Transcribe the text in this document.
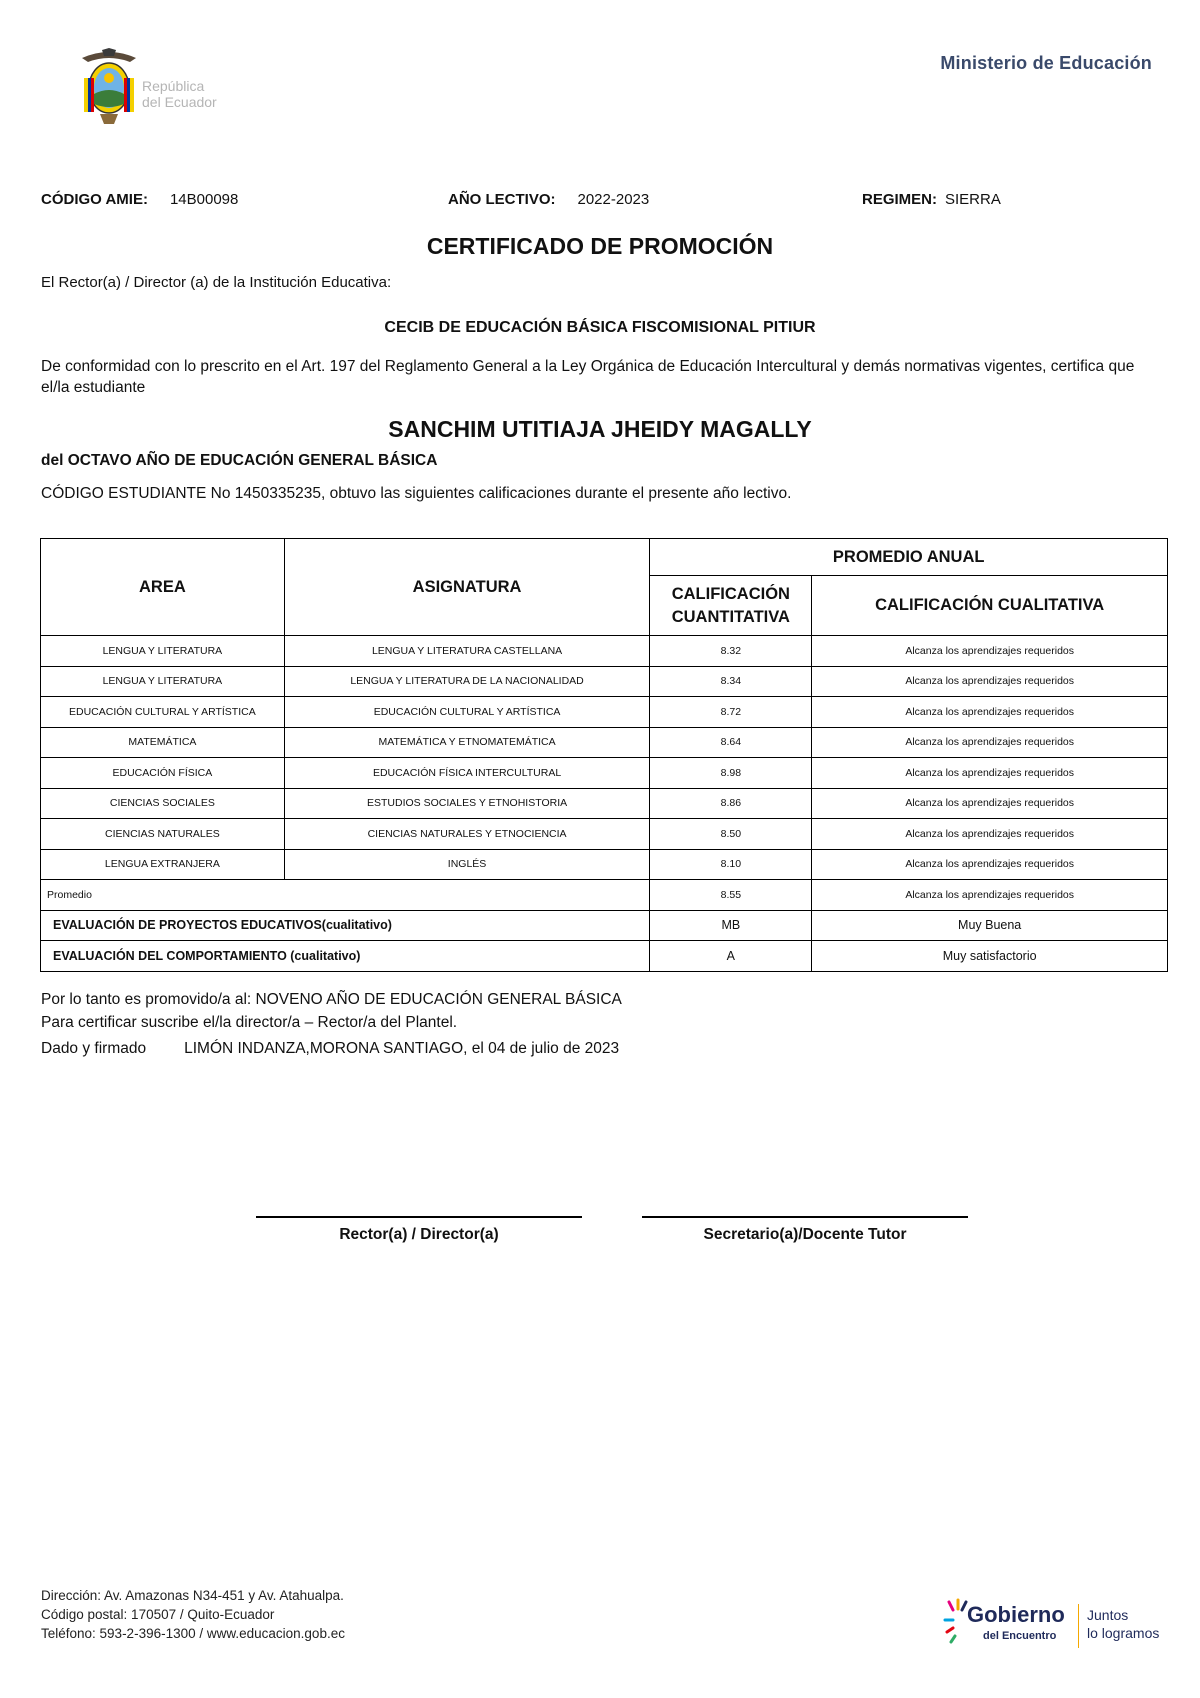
República
del Ecuador
Ministerio de Educación
CÓDIGO AMIE: 14B00098	AÑO LECTIVO: 2022-2023	REGIMEN: SIERRA
CERTIFICADO DE PROMOCIÓN
El Rector(a) / Director (a) de la Institución Educativa:
CECIB DE EDUCACIÓN BÁSICA FISCOMISIONAL PITIUR
De conformidad con lo prescrito en el Art. 197 del Reglamento General a la Ley Orgánica de Educación Intercultural y demás normativas vigentes, certifica que el/la estudiante
SANCHIM UTITIAJA JHEIDY MAGALLY
del OCTAVO AÑO DE EDUCACIÓN GENERAL BÁSICA
CÓDIGO ESTUDIANTE No 1450335235, obtuvo las siguientes calificaciones durante el presente año lectivo.
AREA	ASIGNATURA	PROMEDIO ANUAL	

		CALIFICACIÓN
CUANTITATIVA	CALIFICACIÓN CUALITATIVA
LENGUA Y LITERATURA	LENGUA Y LITERATURA CASTELLANA	8.32	Alcanza los aprendizajes requeridos
LENGUA Y LITERATURA	LENGUA Y LITERATURA DE LA NACIONALIDAD	8.34	Alcanza los aprendizajes requeridos
EDUCACIÓN CULTURAL Y ARTÍSTICA	EDUCACIÓN CULTURAL Y ARTÍSTICA	8.72	Alcanza los aprendizajes requeridos
MATEMÁTICA	MATEMÁTICA Y ETNOMATEMÁTICA	8.64	Alcanza los aprendizajes requeridos
EDUCACIÓN FÍSICA	EDUCACIÓN FÍSICA INTERCULTURAL	8.98	Alcanza los aprendizajes requeridos
CIENCIAS SOCIALES	ESTUDIOS SOCIALES Y ETNOHISTORIA	8.86	Alcanza los aprendizajes requeridos
CIENCIAS NATURALES	CIENCIAS NATURALES Y ETNOCIENCIA	8.50	Alcanza los aprendizajes requeridos
LENGUA EXTRANJERA	INGLÉS	8.10	Alcanza los aprendizajes requeridos
Promedio		8.55	Alcanza los aprendizajes requeridos
EVALUACIÓN DE PROYECTOS EDUCATIVOS(cualitativo)		MB	Muy Buena
EVALUACIÓN DEL COMPORTAMIENTO (cualitativo)		A	Muy satisfactorio
Por lo tanto es promovido/a al: NOVENO AÑO DE EDUCACIÓN GENERAL BÁSICA
Para certificar suscribe el/la director/a – Rector/a del Plantel.
Dado y firmado LIMÓN INDANZA,MORONA SANTIAGO, el 04 de julio de 2023
Rector(a) / Director(a)	Secretario(a)/Docente Tutor
Dirección: Av. Amazonas N34-451 y Av. Atahualpa.
Código postal: 170507 / Quito-Ecuador
Teléfono: 593-2-396-1300 / www.educacion.gob.ec
Gobierno
del Encuentro
Juntos
lo logramos
